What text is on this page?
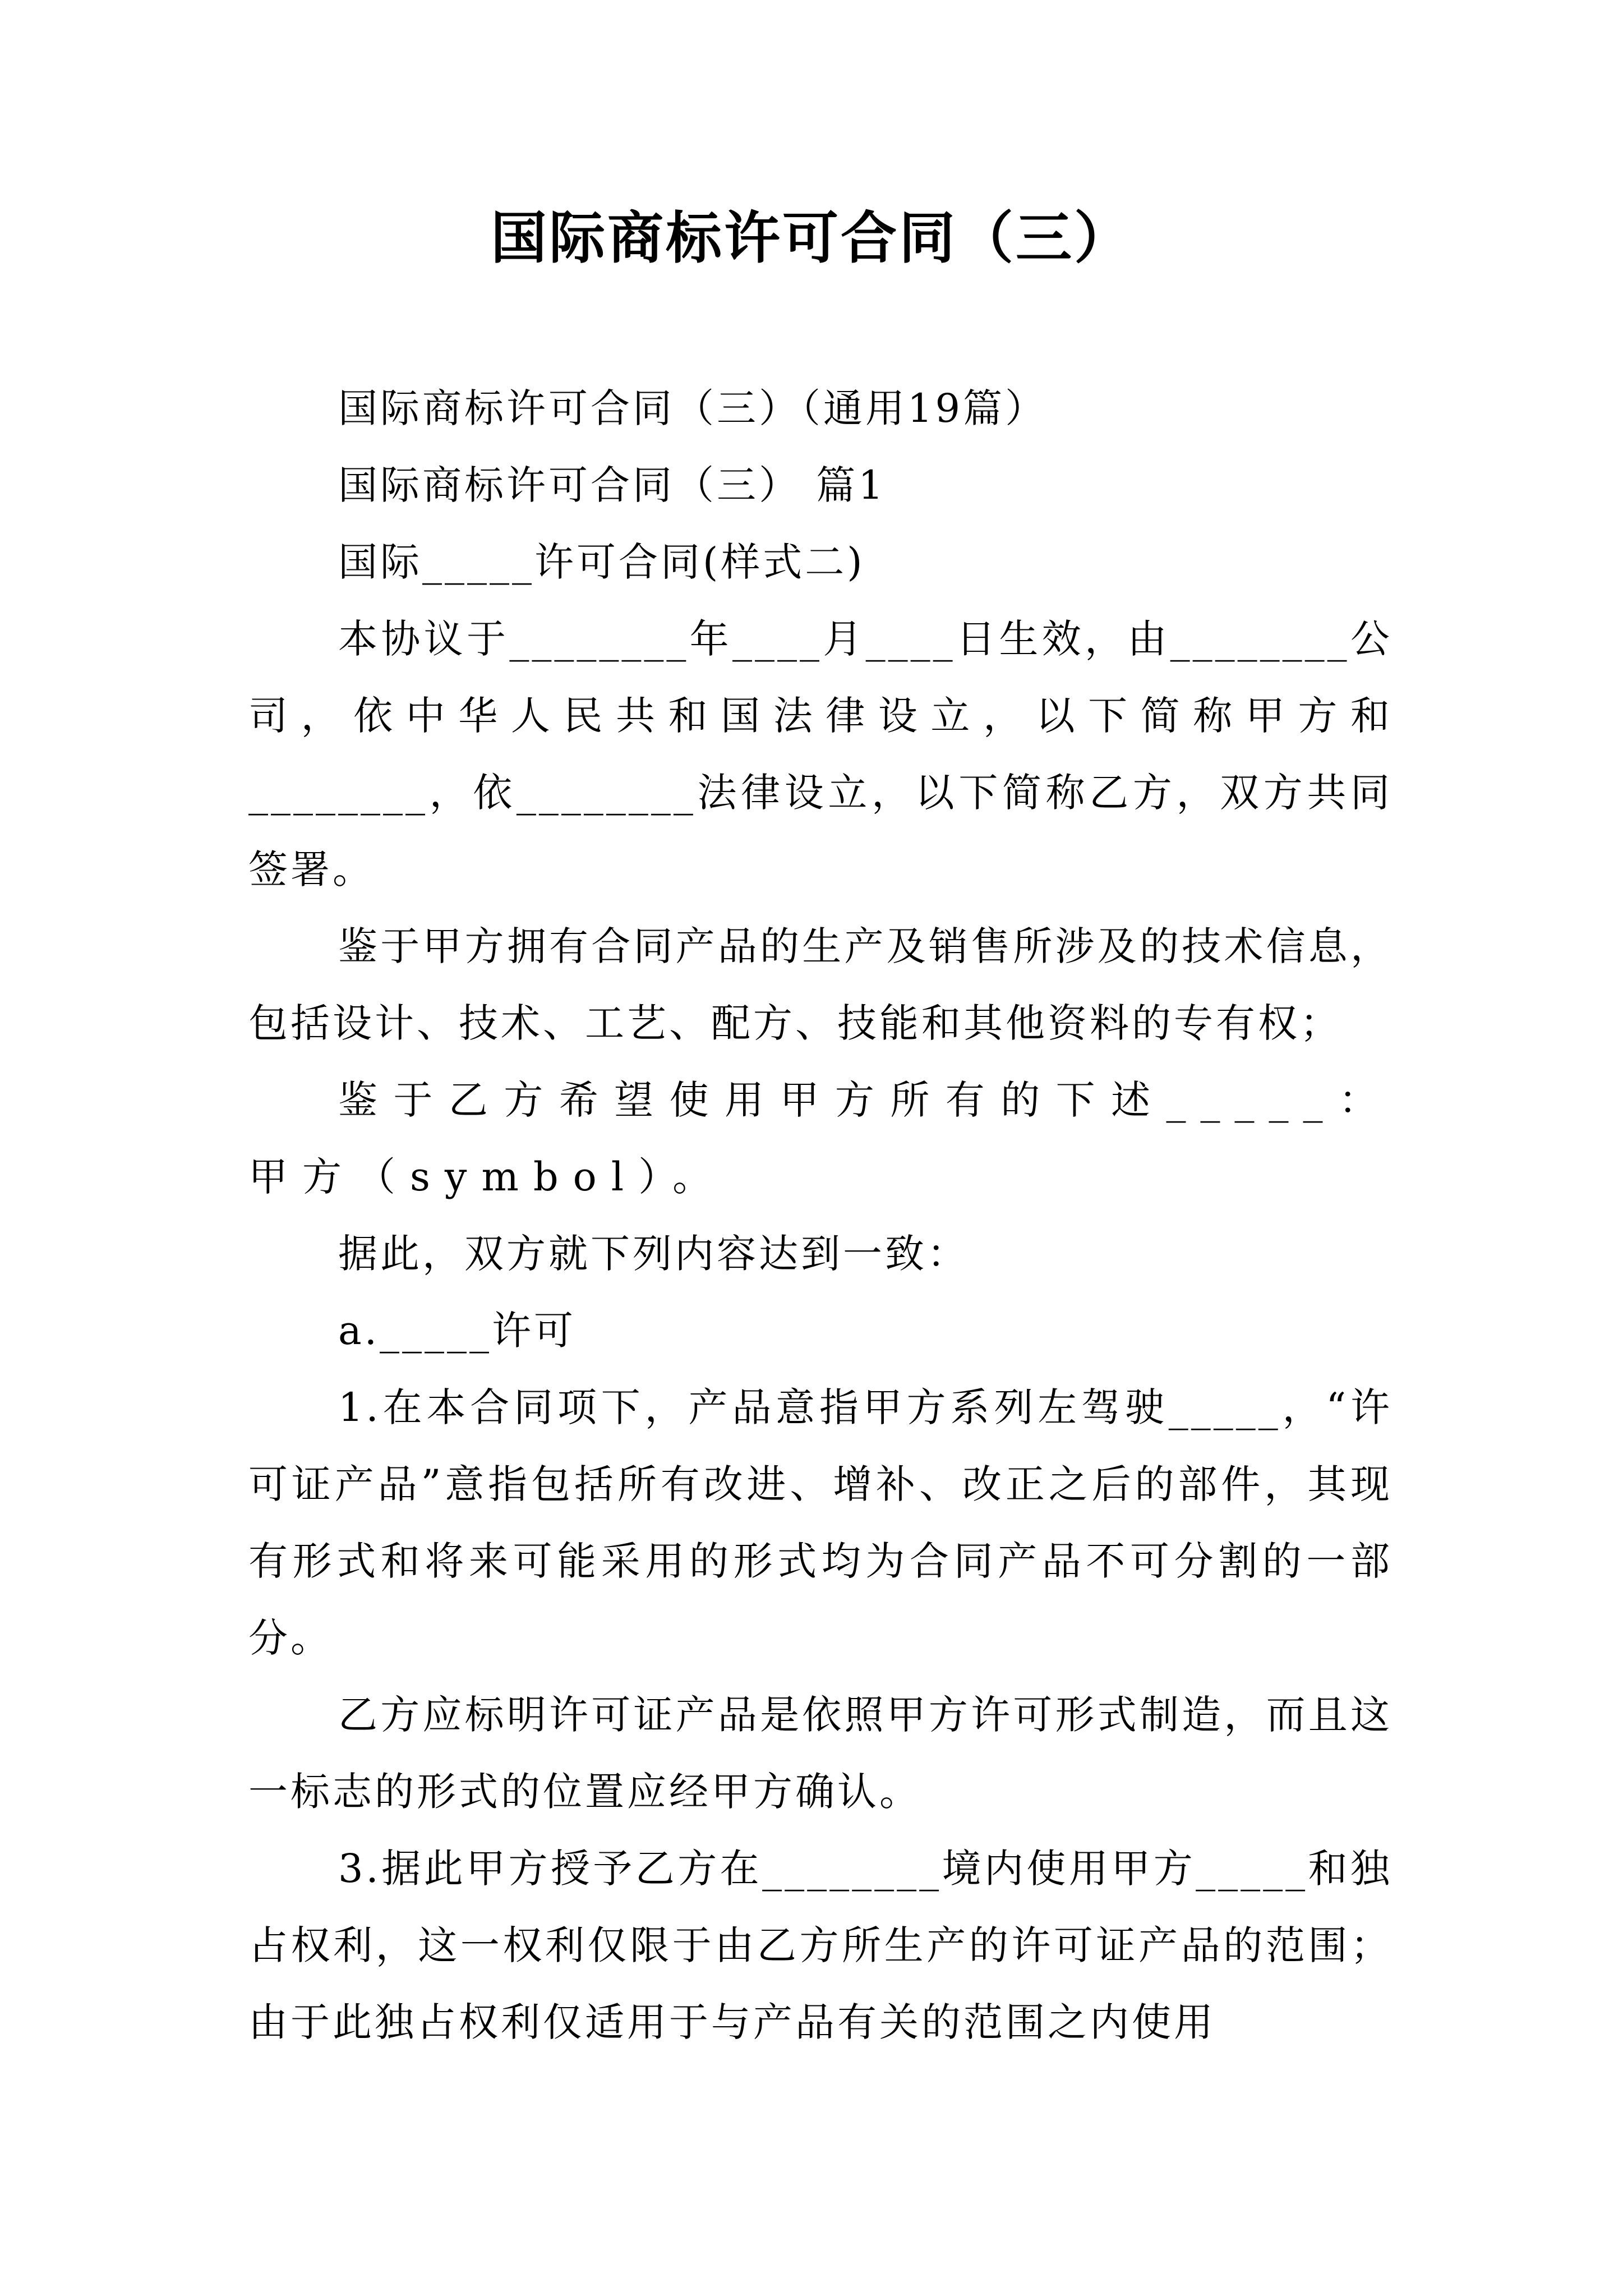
国际商标许可合同（三）

国际商标许可合同（三）（通用19篇）

国际商标许可合同（三） 篇1

国际_____许可合同(样式二)

本协议于________年____月____日生效，由________公司，依中华人民共和国法律设立，以下简称甲方和________，依________法律设立，以下简称乙方，双方共同签署。

鉴于甲方拥有合同产品的生产及销售所涉及的技术信息，包括设计、技术、工艺、配方、技能和其他资料的专有权；

鉴于乙方希望使用甲方所有的下述_____：甲方（symbol）。

据此，双方就下列内容达到一致：

a._____许可

1.在本合同项下，产品意指甲方系列左驾驶_____，“许可证产品”意指包括所有改进、增补、改正之后的部件，其现有形式和将来可能采用的形式均为合同产品不可分割的一部分。

乙方应标明许可证产品是依照甲方许可形式制造，而且这一标志的形式的位置应经甲方确认。

3.据此甲方授予乙方在________境内使用甲方_____和独占权利，这一权利仅限于由乙方所生产的许可证产品的范围；由于此独占权利仅适用于与产品有关的范围之内使用
